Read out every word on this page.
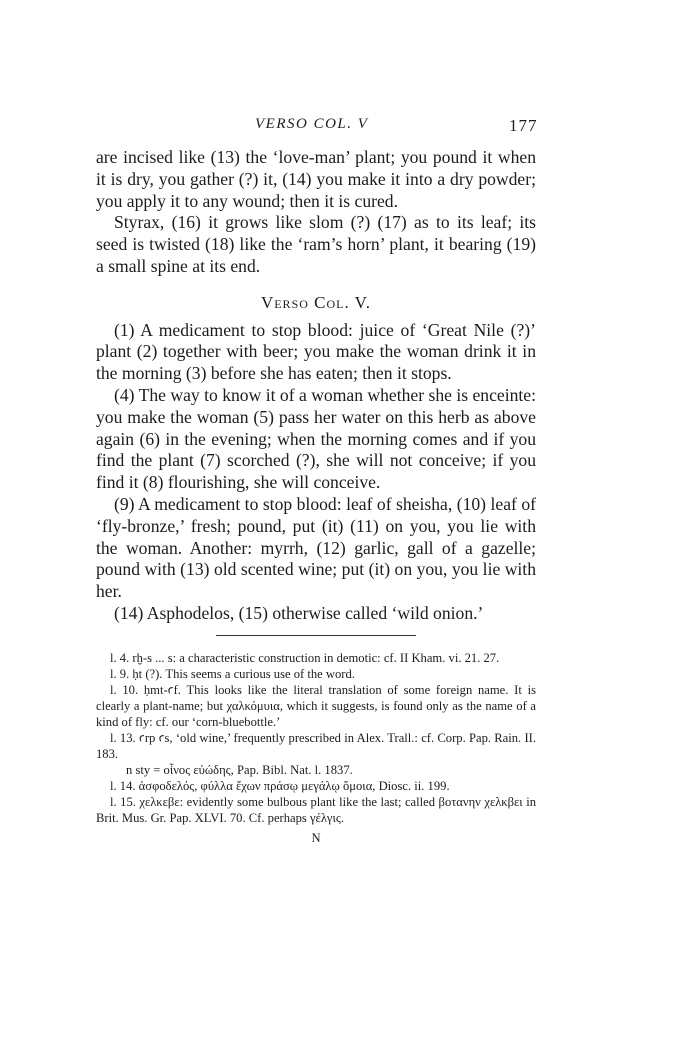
VERSO COL. V	177

are incised like (13) the ‘love-man’ plant; you pound it when it is dry, you gather (?) it, (14) you make it into a dry powder; you apply it to any wound; then it is cured.

Styrax, (16) it grows like slom (?) (17) as to its leaf; its seed is twisted (18) like the ‘ram’s horn’ plant, it bearing (19) a small spine at its end.

Verso Col. V.

(1) A medicament to stop blood: juice of ‘Great Nile (?)’ plant (2) together with beer; you make the woman drink it in the morning (3) before she has eaten; then it stops.

(4) The way to know it of a woman whether she is enceinte: you make the woman (5) pass her water on this herb as above again (6) in the evening; when the morning comes and if you find the plant (7) scorched (?), she will not conceive; if you find it (8) flourishing, she will conceive.

(9) A medicament to stop blood: leaf of sheisha, (10) leaf of ‘fly-bronze,’ fresh; pound, put (it) (11) on you, you lie with the woman. Another: myrrh, (12) garlic, gall of a gazelle; pound with (13) old scented wine; put (it) on you, you lie with her.

(14) Asphodelos, (15) otherwise called ‘wild onion.’

l. 4. rḫ-s ... s: a characteristic construction in demotic: cf. II Kham. vi. 21. 27.

l. 9. ḥt (?). This seems a curious use of the word.

l. 10. ḥmt-ꜥf. This looks like the literal translation of some foreign name. It is clearly a plant-name; but χαλκόμυια, which it suggests, is found only as the name of a kind of fly: cf. our ‘corn-bluebottle.’

l. 13. ꜥrp ꜥs, ‘old wine,’ frequently prescribed in Alex. Trall.: cf. Corp. Pap. Rain. II. 183.

n sty = οἶνος εὐώδης, Pap. Bibl. Nat. l. 1837.

l. 14. ἀσφοδελός, φύλλα ἔχων πράσῳ μεγάλῳ ὅμοια, Diosc. ii. 199.

l. 15. χελκεβε: evidently some bulbous plant like the last; called βοτανην χελκβει in Brit. Mus. Gr. Pap. XLVI. 70. Cf. perhaps γέλγις.

N
